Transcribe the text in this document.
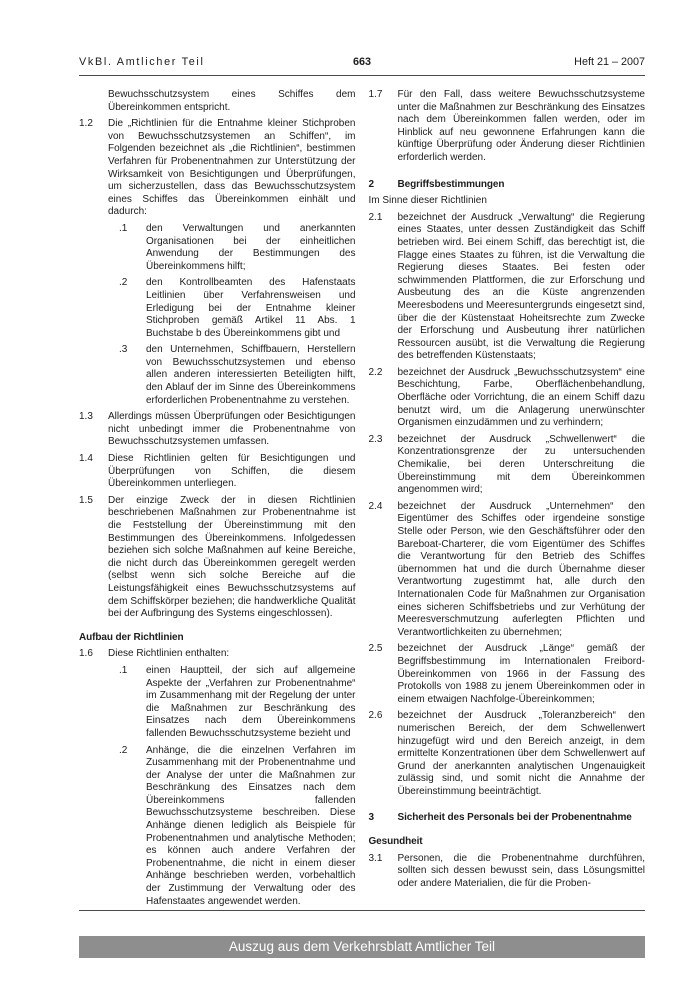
VkBl. Amtlicher Teil	663	Heft 21 – 2007
Bewuchsschutzsystem eines Schiffes dem Übereinkommen entspricht.
1.2	Die „Richtlinien für die Entnahme kleiner Stichproben von Bewuchsschutzsystemen an Schiffen“, im Folgenden bezeichnet als „die Richtlinien“, bestimmen Verfahren für Probenentnahmen zur Unterstützung der Wirksamkeit von Besichtigungen und Überprüfungen, um sicherzustellen, dass das Bewuchsschutzsystem eines Schiffes das Übereinkommen einhält und dadurch:
.1	den Verwaltungen und anerkannten Organisationen bei der einheitlichen Anwendung der Bestimmungen des Übereinkommens hilft;
.2	den Kontrollbeamten des Hafenstaats Leitlinien über Verfahrensweisen und Erledigung bei der Entnahme kleiner Stichproben gemäß Artikel 11 Abs. 1 Buchstabe b des Übereinkommens gibt und
.3	den Unternehmen, Schiffbauern, Herstellern von Bewuchsschutzsystemen und ebenso allen anderen interessierten Beteiligten hilft, den Ablauf der im Sinne des Übereinkommens erforderlichen Probenentnahme zu verstehen.
1.3	Allerdings müssen Überprüfungen oder Besichtigungen nicht unbedingt immer die Probenentnahme von Bewuchsschutzsystemen umfassen.
1.4	Diese Richtlinien gelten für Besichtigungen und Überprüfungen von Schiffen, die diesem Übereinkommen unterliegen.
1.5	Der einzige Zweck der in diesen Richtlinien beschriebenen Maßnahmen zur Probenentnahme ist die Feststellung der Übereinstimmung mit den Bestimmungen des Übereinkommens. Infolgedessen beziehen sich solche Maßnahmen auf keine Bereiche, die nicht durch das Übereinkommen geregelt werden (selbst wenn sich solche Bereiche auf die Leistungsfähigkeit eines Bewuchsschutzsystems auf dem Schiffskörper beziehen; die handwerkliche Qualität bei der Aufbringung des Systems eingeschlossen).
Aufbau der Richtlinien
1.6	Diese Richtlinien enthalten:
.1	einen Hauptteil, der sich auf allgemeine Aspekte der „Verfahren zur Probenentnahme“ im Zusammenhang mit der Regelung der unter die Maßnahmen zur Beschränkung des Einsatzes nach dem Übereinkommens fallenden Bewuchsschutzsysteme bezieht und
.2	Anhänge, die die einzelnen Verfahren im Zusammenhang mit der Probenentnahme und der Analyse der unter die Maßnahmen zur Beschränkung des Einsatzes nach dem Übereinkommens fallenden Bewuchsschutzsysteme beschreiben. Diese Anhänge dienen lediglich als Beispiele für Probenentnahmen und analytische Methoden; es können auch andere Verfahren der Probenentnahme, die nicht in einem dieser Anhänge beschrieben werden, vorbehaltlich der Zustimmung der Verwaltung oder des Hafenstaates angewendet werden.
1.7	Für den Fall, dass weitere Bewuchsschutzsysteme unter die Maßnahmen zur Beschränkung des Einsatzes nach dem Übereinkommen fallen werden, oder im Hinblick auf neu gewonnene Erfahrungen kann die künftige Überprüfung oder Änderung dieser Richtlinien erforderlich werden.
2	Begriffsbestimmungen
Im Sinne dieser Richtlinien
2.1	bezeichnet der Ausdruck „Verwaltung“ die Regierung eines Staates, unter dessen Zuständigkeit das Schiff betrieben wird. Bei einem Schiff, das berechtigt ist, die Flagge eines Staates zu führen, ist die Verwaltung die Regierung dieses Staates. Bei festen oder schwimmenden Plattformen, die zur Erforschung und Ausbeutung des an die Küste angrenzenden Meeresbodens und Meeresuntergrunds eingesetzt sind, über die der Küstenstaat Hoheitsrechte zum Zwecke der Erforschung und Ausbeutung ihrer natürlichen Ressourcen ausübt, ist die Verwaltung die Regierung des betreffenden Küstenstaats;
2.2	bezeichnet der Ausdruck „Bewuchsschutzsystem“ eine Beschichtung, Farbe, Oberflächenbehandlung, Oberfläche oder Vorrichtung, die an einem Schiff dazu benutzt wird, um die Anlagerung unerwünschter Organismen einzudämmen und zu verhindern;
2.3	bezeichnet der Ausdruck „Schwellenwert“ die Konzentrationsgrenze der zu untersuchenden Chemikalie, bei deren Unterschreitung die Übereinstimmung mit dem Übereinkommen angenommen wird;
2.4	bezeichnet der Ausdruck „Unternehmen“ den Eigentümer des Schiffes oder irgendeine sonstige Stelle oder Person, wie den Geschäftsführer oder den Bareboat-Charterer, die vom Eigentümer des Schiffes die Verantwortung für den Betrieb des Schiffes übernommen hat und die durch Übernahme dieser Verantwortung zugestimmt hat, alle durch den Internationalen Code für Maßnahmen zur Organisation eines sicheren Schiffsbetriebs und zur Verhütung der Meeresverschmutzung auferlegten Pflichten und Verantwortlichkeiten zu übernehmen;
2.5	bezeichnet der Ausdruck „Länge“ gemäß der Begriffsbestimmung im Internationalen Freibord-Übereinkommen von 1966 in der Fassung des Protokolls von 1988 zu jenem Übereinkommen oder in einem etwaigen Nachfolge-Übereinkommen;
2.6	bezeichnet der Ausdruck „Toleranzbereich“ den numerischen Bereich, der dem Schwellenwert hinzugefügt wird und den Bereich anzeigt, in dem ermittelte Konzentrationen über dem Schwellenwert auf Grund der anerkannten analytischen Ungenauigkeit zulässig sind, und somit nicht die Annahme der Übereinstimmung beeinträchtigt.
3	Sicherheit des Personals bei der Probenentnahme
Gesundheit
3.1	Personen, die die Probenentnahme durchführen, sollten sich dessen bewusst sein, dass Lösungsmittel oder andere Materialien, die für die Proben-
Auszug aus dem Verkehrsblatt Amtlicher Teil
